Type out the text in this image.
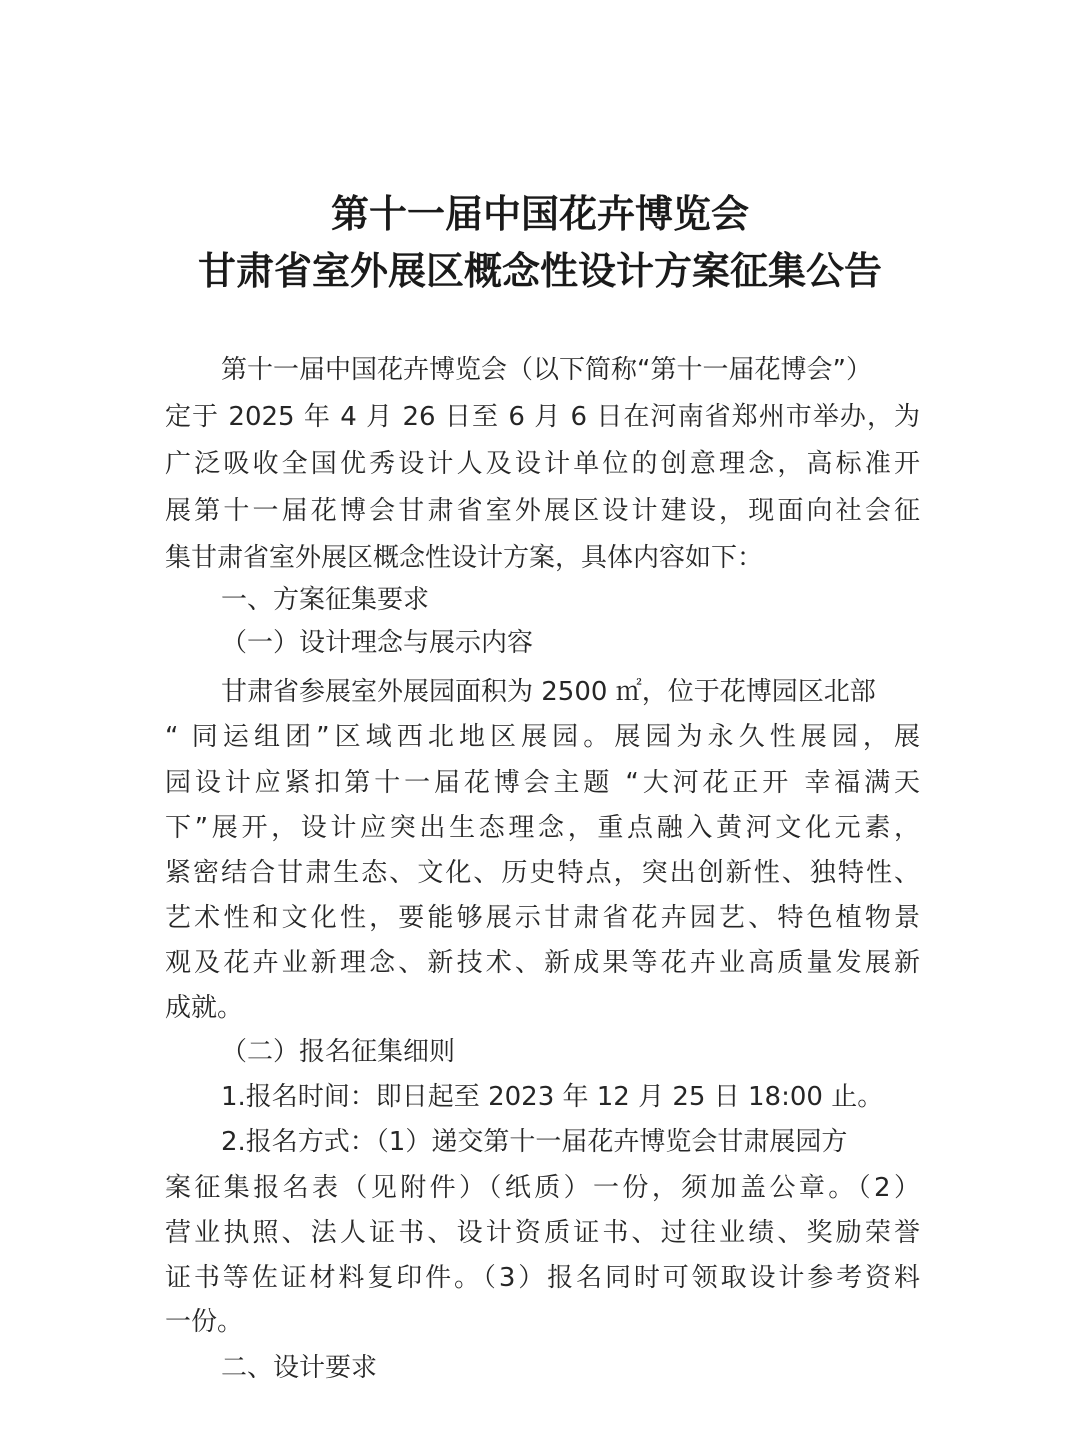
第十一届中国花卉博览会
甘肃省室外展区概念性设计方案征集公告
第十一届中国花卉博览会（以下简称“第十一届花博会”）
定于 2025 年 4 月 26 日至 6 月 6 日在河南省郑州市举办，为
广泛吸收全国优秀设计人及设计单位的创意理念，高标准开
展第十一届花博会甘肃省室外展区设计建设，现面向社会征
集甘肃省室外展区概念性设计方案，具体内容如下：
一、方案征集要求
（一）设计理念与展示内容
甘肃省参展室外展园面积为 2500 ㎡，位于花博园区北部
“ 同运组团”区域西北地区展园。展园为永久性展园，展
园设计应紧扣第十一届花博会主题 “大河花正开 幸福满天
下”展开，设计应突出生态理念，重点融入黄河文化元素，
紧密结合甘肃生态、文化、历史特点，突出创新性、独特性、
艺术性和文化性，要能够展示甘肃省花卉园艺、特色植物景
观及花卉业新理念、新技术、新成果等花卉业高质量发展新
成就。
（二）报名征集细则
1.报名时间：即日起至 2023 年 12 月 25 日 18:00 止。
2.报名方式：（1）递交第十一届花卉博览会甘肃展园方
案征集报名表（见附件）（纸质）一份，须加盖公章。（2）
营业执照、法人证书、设计资质证书、过往业绩、奖励荣誉
证书等佐证材料复印件。（3）报名同时可领取设计参考资料
一份。
二、设计要求
